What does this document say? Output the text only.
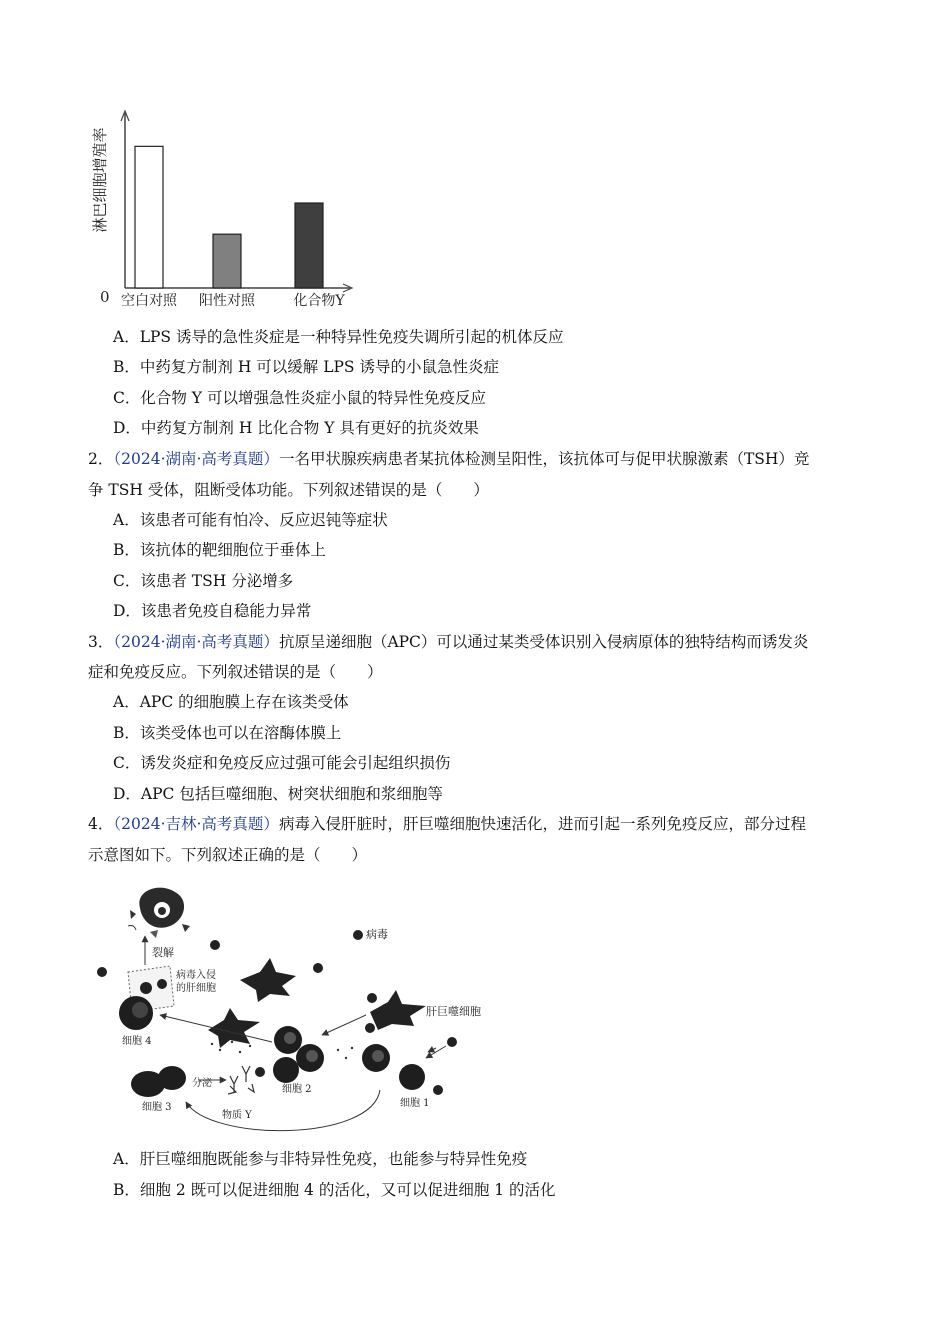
淋巴细胞增殖率
0 空白对照 阳性对照	化合物Y
A．LPS 诱导的急性炎症是一种特异性免疫失调所引起的机体反应
B．中药复方制剂 H 可以缓解 LPS 诱导的小鼠急性炎症
C．化合物 Y 可以增强急性炎症小鼠的特异性免疫反应
D．中药复方制剂 H 比化合物 Y 具有更好的抗炎效果
2．（2024·湖南·高考真题）一名甲状腺疾病患者某抗体检测呈阳性，该抗体可与促甲状腺激素（TSH）竞
争 TSH 受体，阻断受体功能。下列叙述错误的是（　　）
A．该患者可能有怕冷、反应迟钝等症状
B．该抗体的靶细胞位于垂体上
C．该患者 TSH 分泌增多
D．该患者免疫自稳能力异常
3．（2024·湖南·高考真题）抗原呈递细胞（APC）可以通过某类受体识别入侵病原体的独特结构而诱发炎
症和免疫反应。下列叙述错误的是（　　）
A．APC 的细胞膜上存在该类受体
B．该类受体也可以在溶酶体膜上
C．诱发炎症和免疫反应过强可能会引起组织损伤
D．APC 包括巨噬细胞、树突状细胞和浆细胞等
4．（2024·吉林·高考真题）病毒入侵肝脏时，肝巨噬细胞快速活化，进而引起一系列免疫反应，部分过程
示意图如下。下列叙述正确的是（　　）
裂解
病毒入侵
的肝细胞
病毒
肝巨噬细胞
细胞 4
细胞 2
细胞 1
细胞 3
分泌
物质 Y
A．肝巨噬细胞既能参与非特异性免疫，也能参与特异性免疫
B．细胞 2 既可以促进细胞 4 的活化，又可以促进细胞 1 的活化
